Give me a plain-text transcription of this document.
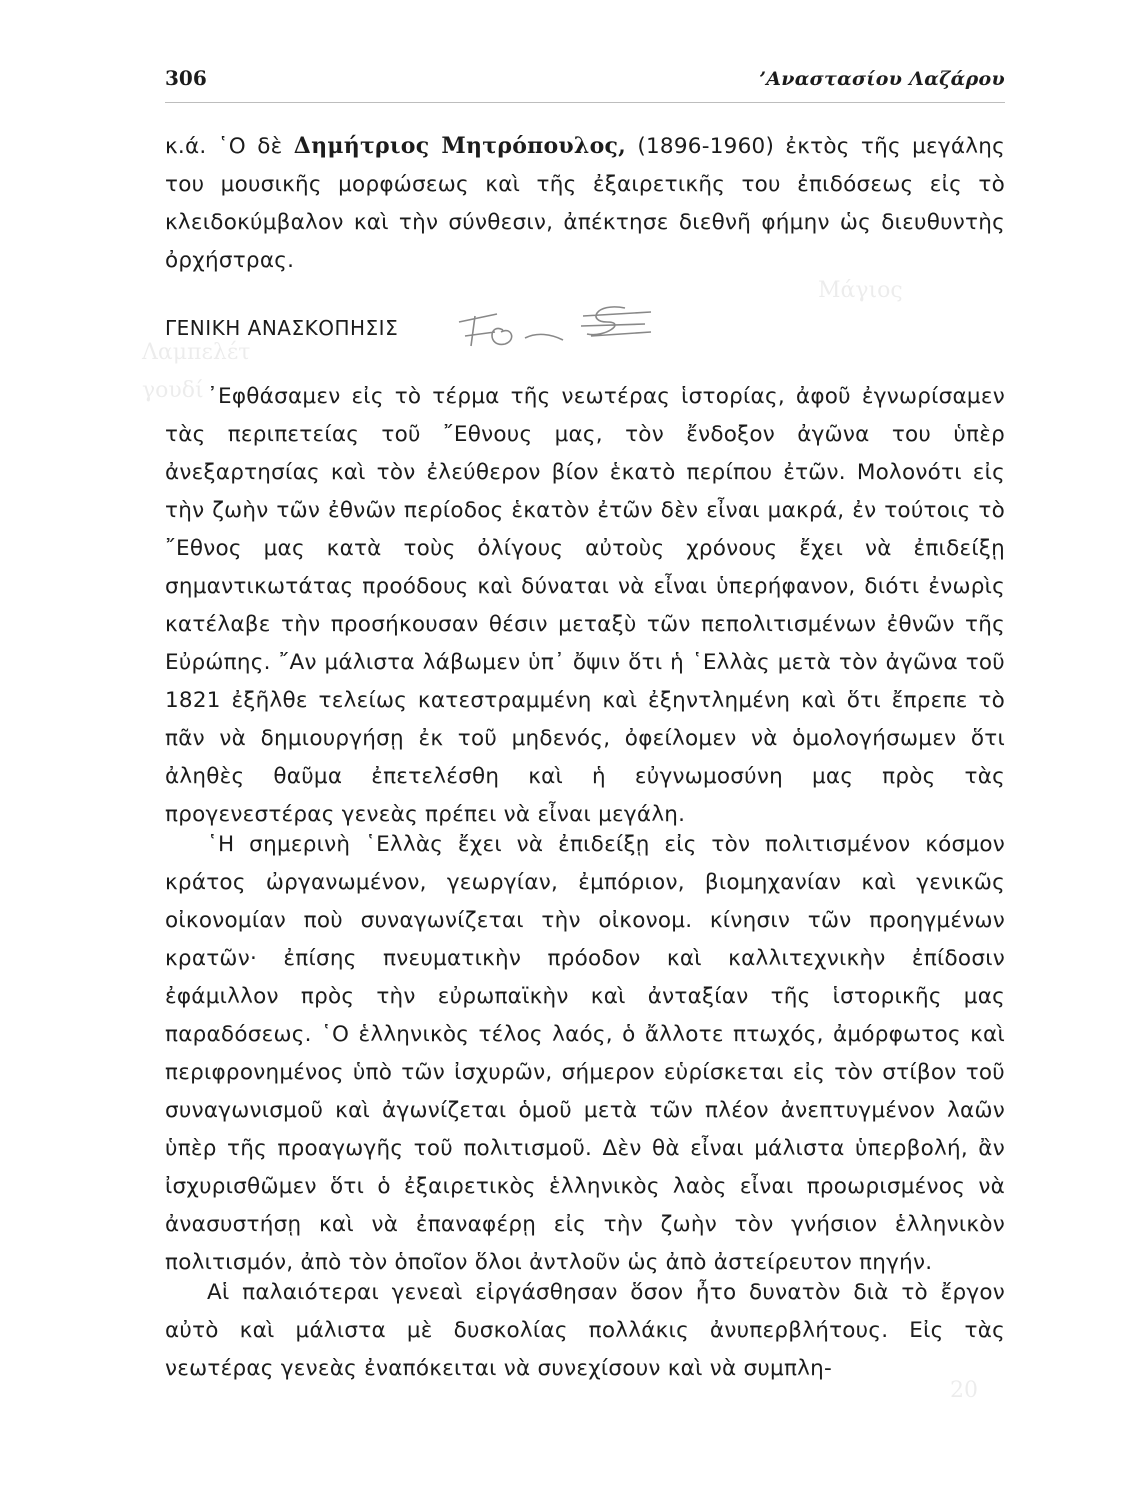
Μάγιος
Λαμπελέτ
γουδί
20
306	’Αναστασίου Λαζάρου
κ.ά. ῾Ο δὲ Δημήτριος Μητρόπουλος, (1896-1960) ἐκτὸς τῆς μεγάλης του μουσικῆς μορφώσεως καὶ τῆς ἐξαιρετικῆς του ἐπιδόσεως εἰς τὸ κλειδοκύμβαλον καὶ τὴν σύνθεσιν, ἀπέκτησε διεθνῆ φήμην ὡς διευθυντὴς ὀρχήστρας.
ΓΕΝΙΚΗ ΑΝΑΣΚΟΠΗΣΙΣ
᾿Εφθάσαμεν εἰς τὸ τέρμα τῆς νεωτέρας ἱστορίας, ἀφοῦ ἐγνωρίσαμεν τὰς περιπετείας τοῦ ῎Εθνους μας, τὸν ἔνδοξον ἀγῶνα του ὑπὲρ ἀνεξαρτησίας καὶ τὸν ἐλεύθερον βίον ἑκατὸ περίπου ἐτῶν. Μολονότι εἰς τὴν ζωὴν τῶν ἐθνῶν περίοδος ἑκατὸν ἐτῶν δὲν εἶναι μακρά, ἐν τούτοις τὸ ῎Εθνος μας κατὰ τοὺς ὀλίγους αὐτοὺς χρόνους ἔχει νὰ ἐπιδείξῃ σημαντικωτάτας προόδους καὶ δύναται νὰ εἶναι ὑπερήφανον, διότι ἐνωρὶς κατέλαβε τὴν προσήκουσαν θέσιν μεταξὺ τῶν πεπολιτισμένων ἐθνῶν τῆς Εὐρώπης. ῎Αν μάλιστα λάβωμεν ὑπ᾿ ὄψιν ὅτι ἡ ῾Ελλὰς μετὰ τὸν ἀγῶνα τοῦ 1821 ἐξῆλθε τελείως κατεστραμμένη καὶ ἐξηντλημένη καὶ ὅτι ἔπρεπε τὸ πᾶν νὰ δημιουργήσῃ ἐκ τοῦ μηδενός, ὀφείλομεν νὰ ὁμολογήσωμεν ὅτι ἀληθὲς θαῦμα ἐπετελέσθη καὶ ἡ εὐγνωμοσύνη μας πρὸς τὰς προγενεστέρας γενεὰς πρέπει νὰ εἶναι μεγάλη.
῾Η σημερινὴ ῾Ελλὰς ἔχει νὰ ἐπιδείξῃ εἰς τὸν πολιτισμένον κόσμον κράτος ὠργανωμένον, γεωργίαν, ἐμπόριον, βιομηχανίαν καὶ γενικῶς οἰκονομίαν ποὺ συναγωνίζεται τὴν οἰκονομ. κίνησιν τῶν προηγμένων κρατῶν· ἐπίσης πνευματικὴν πρόοδον καὶ καλλιτεχνικὴν ἐπίδοσιν ἐφάμιλλον πρὸς τὴν εὐρωπαϊκὴν καὶ ἀνταξίαν τῆς ἱστορικῆς μας παραδόσεως. ῾Ο ἑλληνικὸς τέλος λαός, ὁ ἄλλοτε πτωχός, ἀμόρφωτος καὶ περιφρονημένος ὑπὸ τῶν ἰσχυρῶν, σήμερον εὑρίσκεται εἰς τὸν στίβον τοῦ συναγωνισμοῦ καὶ ἀγωνίζεται ὁμοῦ μετὰ τῶν πλέον ἀνεπτυγμένον λαῶν ὑπὲρ τῆς προαγωγῆς τοῦ πολιτισμοῦ. Δὲν θὰ εἶναι μάλιστα ὑπερβολή, ἂν ἰσχυρισθῶμεν ὅτι ὁ ἐξαιρετικὸς ἑλληνικὸς λαὸς εἶναι προωρισμένος νὰ ἀνασυστήσῃ καὶ νὰ ἐπαναφέρῃ εἰς τὴν ζωὴν τὸν γνήσιον ἑλληνικὸν πολιτισμόν, ἀπὸ τὸν ὁποῖον ὅλοι ἀντλοῦν ὡς ἀπὸ ἀστείρευτον πηγήν.
Αἱ παλαιότεραι γενεαὶ εἰργάσθησαν ὅσον ἦτο δυνατὸν διὰ τὸ ἔργον αὐτὸ καὶ μάλιστα μὲ δυσκολίας πολλάκις ἀνυπερβλήτους. Εἰς τὰς νεωτέρας γενεὰς ἐναπόκειται νὰ συνεχίσουν καὶ νὰ συμπλη-
